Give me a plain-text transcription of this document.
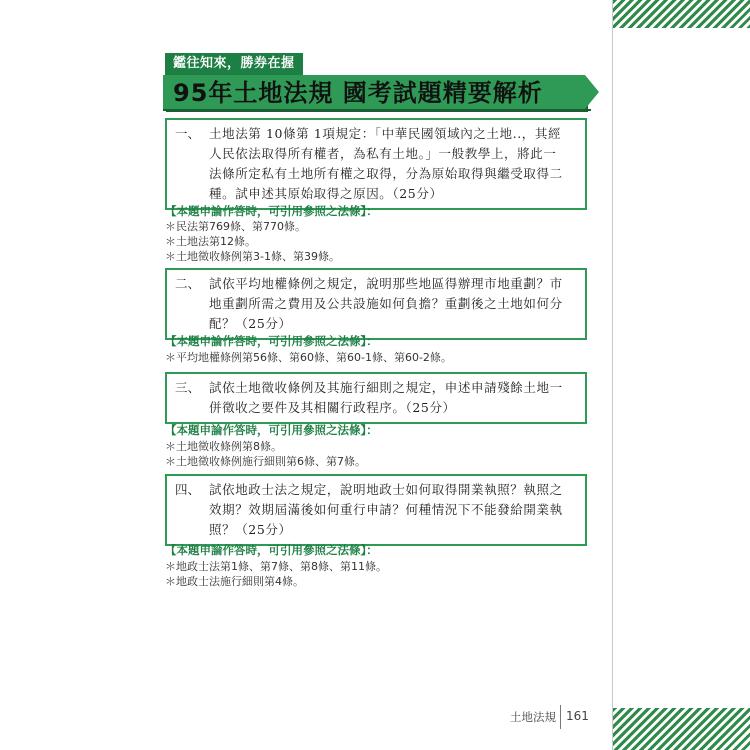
鑑往知來，勝券在握
95年土地法規 國考試題精要解析
一、 土地法第 10條第 1項規定：「中華民國領域內之土地..，其經
人民依法取得所有權者，為私有土地。」一般教學上，將此一
法條所定私有土地所有權之取得，分為原始取得與繼受取得二
種。試申述其原始取得之原因。（25分）
【本題申論作答時，可引用參照之法條】：
＊民法第769條、第770條。
＊土地法第12條。
＊土地徵收條例第3-1條、第39條。
二、 試依平均地權條例之規定，說明那些地區得辦理市地重劃？市
地重劃所需之費用及公共設施如何負擔？重劃後之土地如何分
配？（25分）
【本題申論作答時，可引用參照之法條】：
＊平均地權條例第56條、第60條、第60-1條、第60-2條。
三、 試依土地徵收條例及其施行細則之規定，申述申請殘餘土地一
併徵收之要件及其相關行政程序。（25分）
【本題申論作答時，可引用參照之法條】：
＊土地徵收條例第8條。
＊土地徵收條例施行細則第6條、第7條。
四、 試依地政士法之規定，說明地政士如何取得開業執照？執照之
效期？效期屆滿後如何重行申請？何種情況下不能發給開業執
照？（25分）
【本題申論作答時，可引用參照之法條】：
＊地政士法第1條、第7條、第8條、第11條。
＊地政士法施行細則第4條。
土地法規 161
